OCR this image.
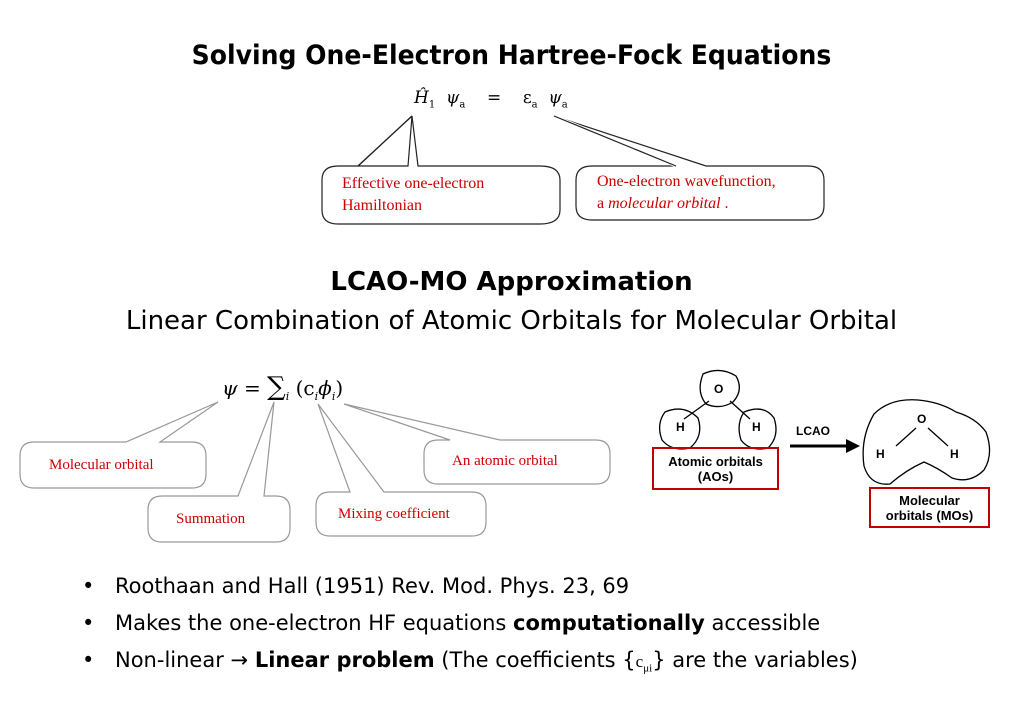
Solving One-Electron Hartree-Fock Equations
$Ĥ_1$ $\psi_a = \varepsilon_a$ $\psi_a$
Effective one-electron
Hamiltonian
One-electron wavefunction,
a molecular orbital .
LCAO-MO Approximation
Linear Combination of Atomic Orbitals for Molecular Orbital
$\psi = \sum_i$ $(c_i\phi_i)$
Molecular orbital
Summation	Mixing coefficient
An atomic orbital
O
H	H	LCAO
O
H	H
Atomic orbitals
(AOs)
Molecular
orbitals (MOs)
• Roothaan and Hall (1951) Rev. Mod. Phys. 23, 69
• Makes the one-electron HF equations computationally accessible
• Non-linear → Linear problem (The coefficients $\{c_{\mu i}\}$ are the variables)
